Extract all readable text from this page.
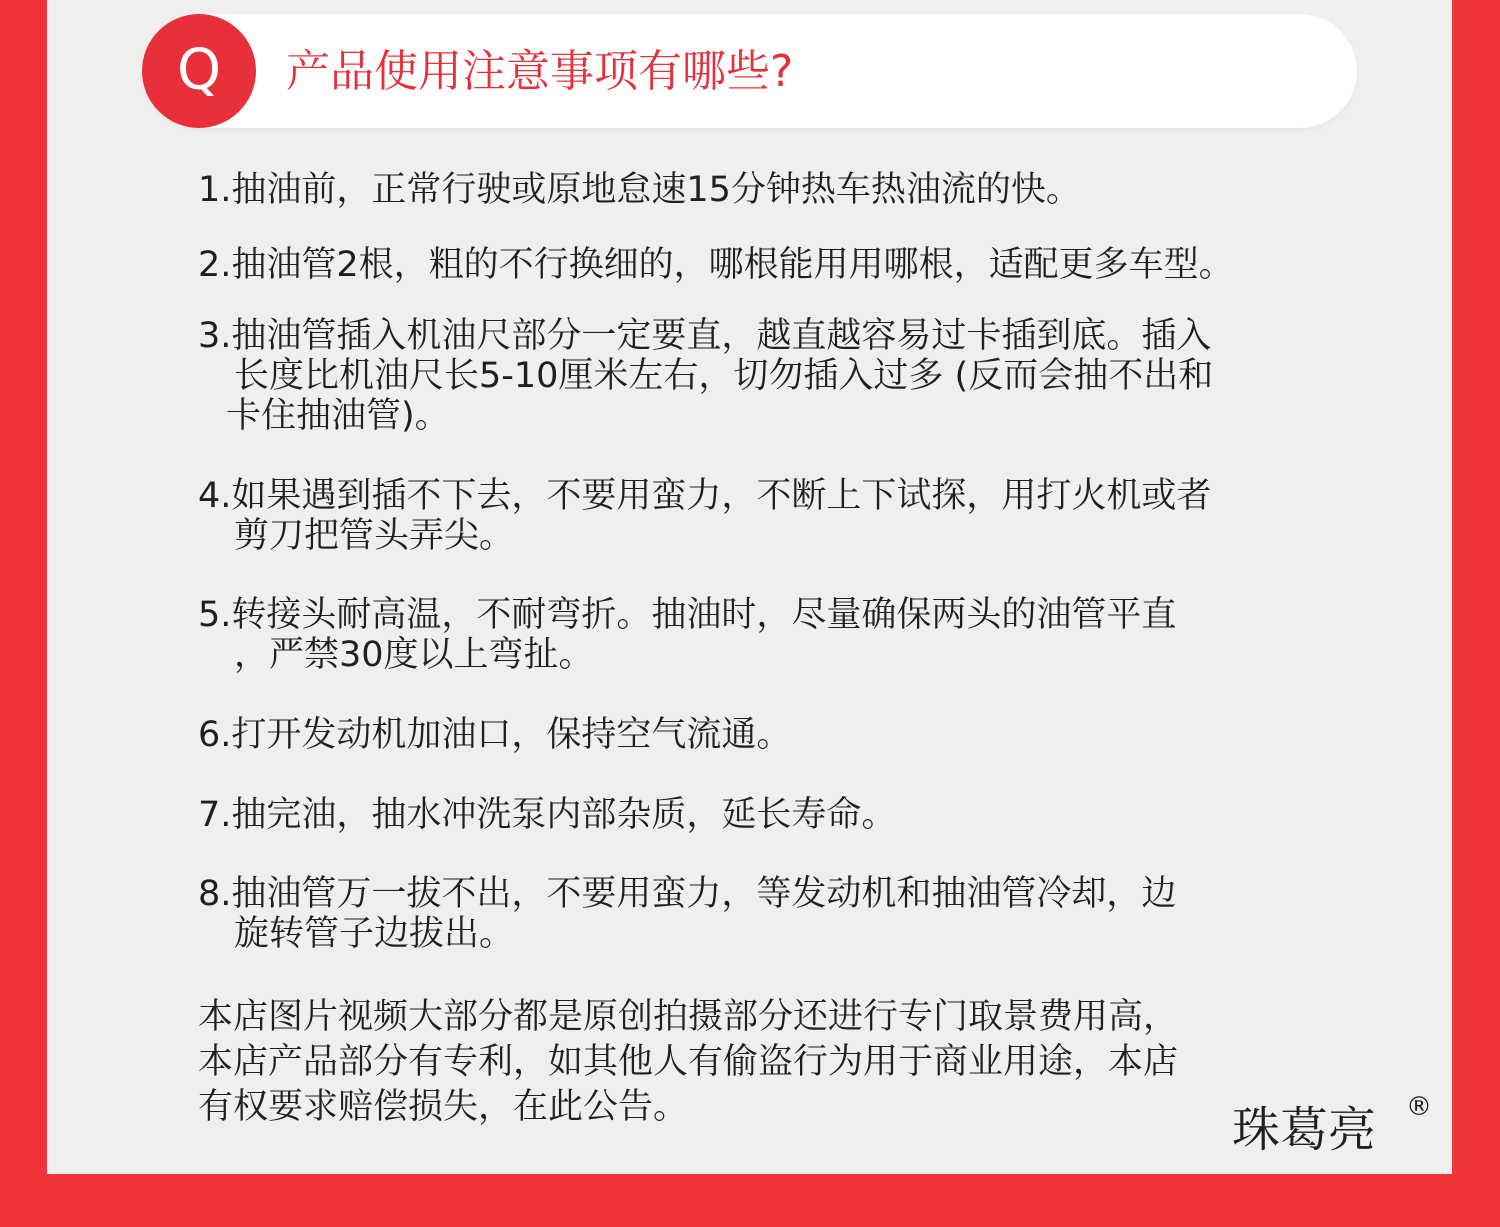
Q	产品使用注意事项有哪些?
1.抽油前，正常行驶或原地怠速15分钟热车热油流的快。
2.抽油管2根，粗的不行换细的，哪根能用用哪根，适配更多车型。
3.抽油管插入机油尺部分一定要直，越直越容易过卡插到底。插入
长度比机油尺长5-10厘米左右，切勿插入过多 (反而会抽不出和
卡住抽油管)。
4.如果遇到插不下去，不要用蛮力，不断上下试探，用打火机或者
剪刀把管头弄尖。
5.转接头耐高温，不耐弯折。抽油时，尽量确保两头的油管平直
，严禁30度以上弯扯。
6.打开发动机加油口，保持空气流通。
7.抽完油，抽水冲洗泵内部杂质，延长寿命。
8.抽油管万一拔不出，不要用蛮力，等发动机和抽油管冷却，边
旋转管子边拔出。
本店图片视频大部分都是原创拍摄部分还进行专门取景费用高，
本店产品部分有专利，如其他人有偷盗行为用于商业用途，本店
有权要求赔偿损失，在此公告。	珠葛亮 ®
